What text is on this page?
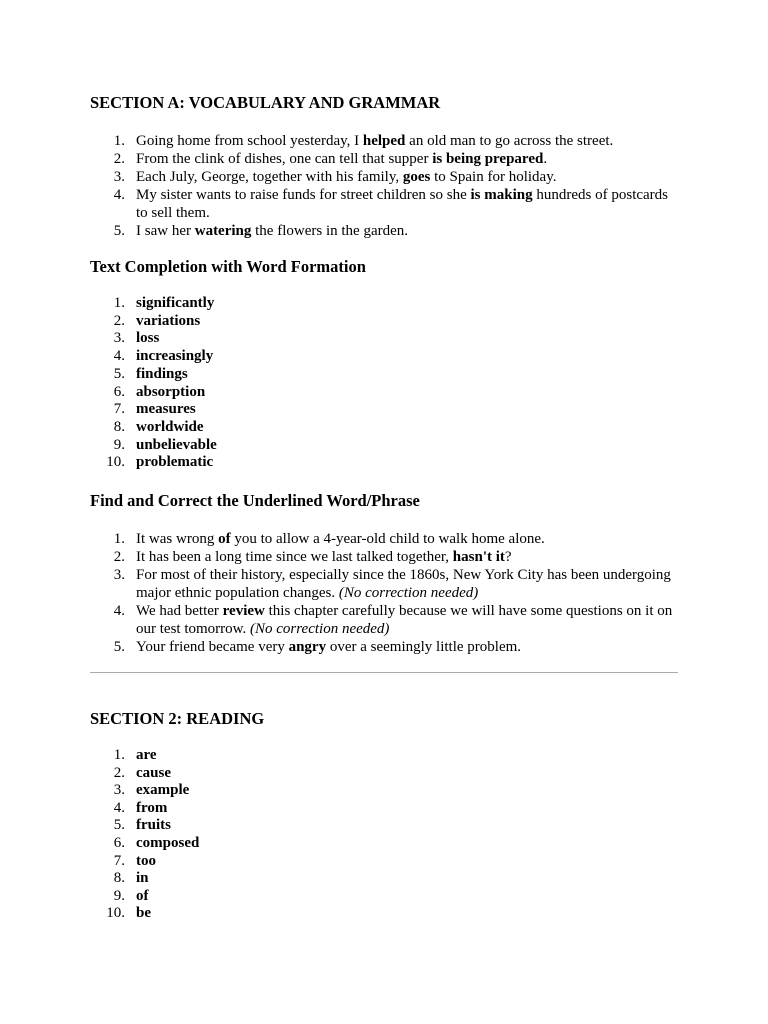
SECTION A: VOCABULARY AND GRAMMAR
1. Going home from school yesterday, I helped an old man to go across the street.
2. From the clink of dishes, one can tell that supper is being prepared.
3. Each July, George, together with his family, goes to Spain for holiday.
4. My sister wants to raise funds for street children so she is making hundreds of postcards to sell them.
5. I saw her watering the flowers in the garden.
Text Completion with Word Formation
1. significantly
2. variations
3. loss
4. increasingly
5. findings
6. absorption
7. measures
8. worldwide
9. unbelievable
10. problematic
Find and Correct the Underlined Word/Phrase
1. It was wrong of you to allow a 4-year-old child to walk home alone.
2. It has been a long time since we last talked together, hasn't it?
3. For most of their history, especially since the 1860s, New York City has been undergoing major ethnic population changes. (No correction needed)
4. We had better review this chapter carefully because we will have some questions on it on our test tomorrow. (No correction needed)
5. Your friend became very angry over a seemingly little problem.
SECTION 2: READING
1. are
2. cause
3. example
4. from
5. fruits
6. composed
7. too
8. in
9. of
10. be
